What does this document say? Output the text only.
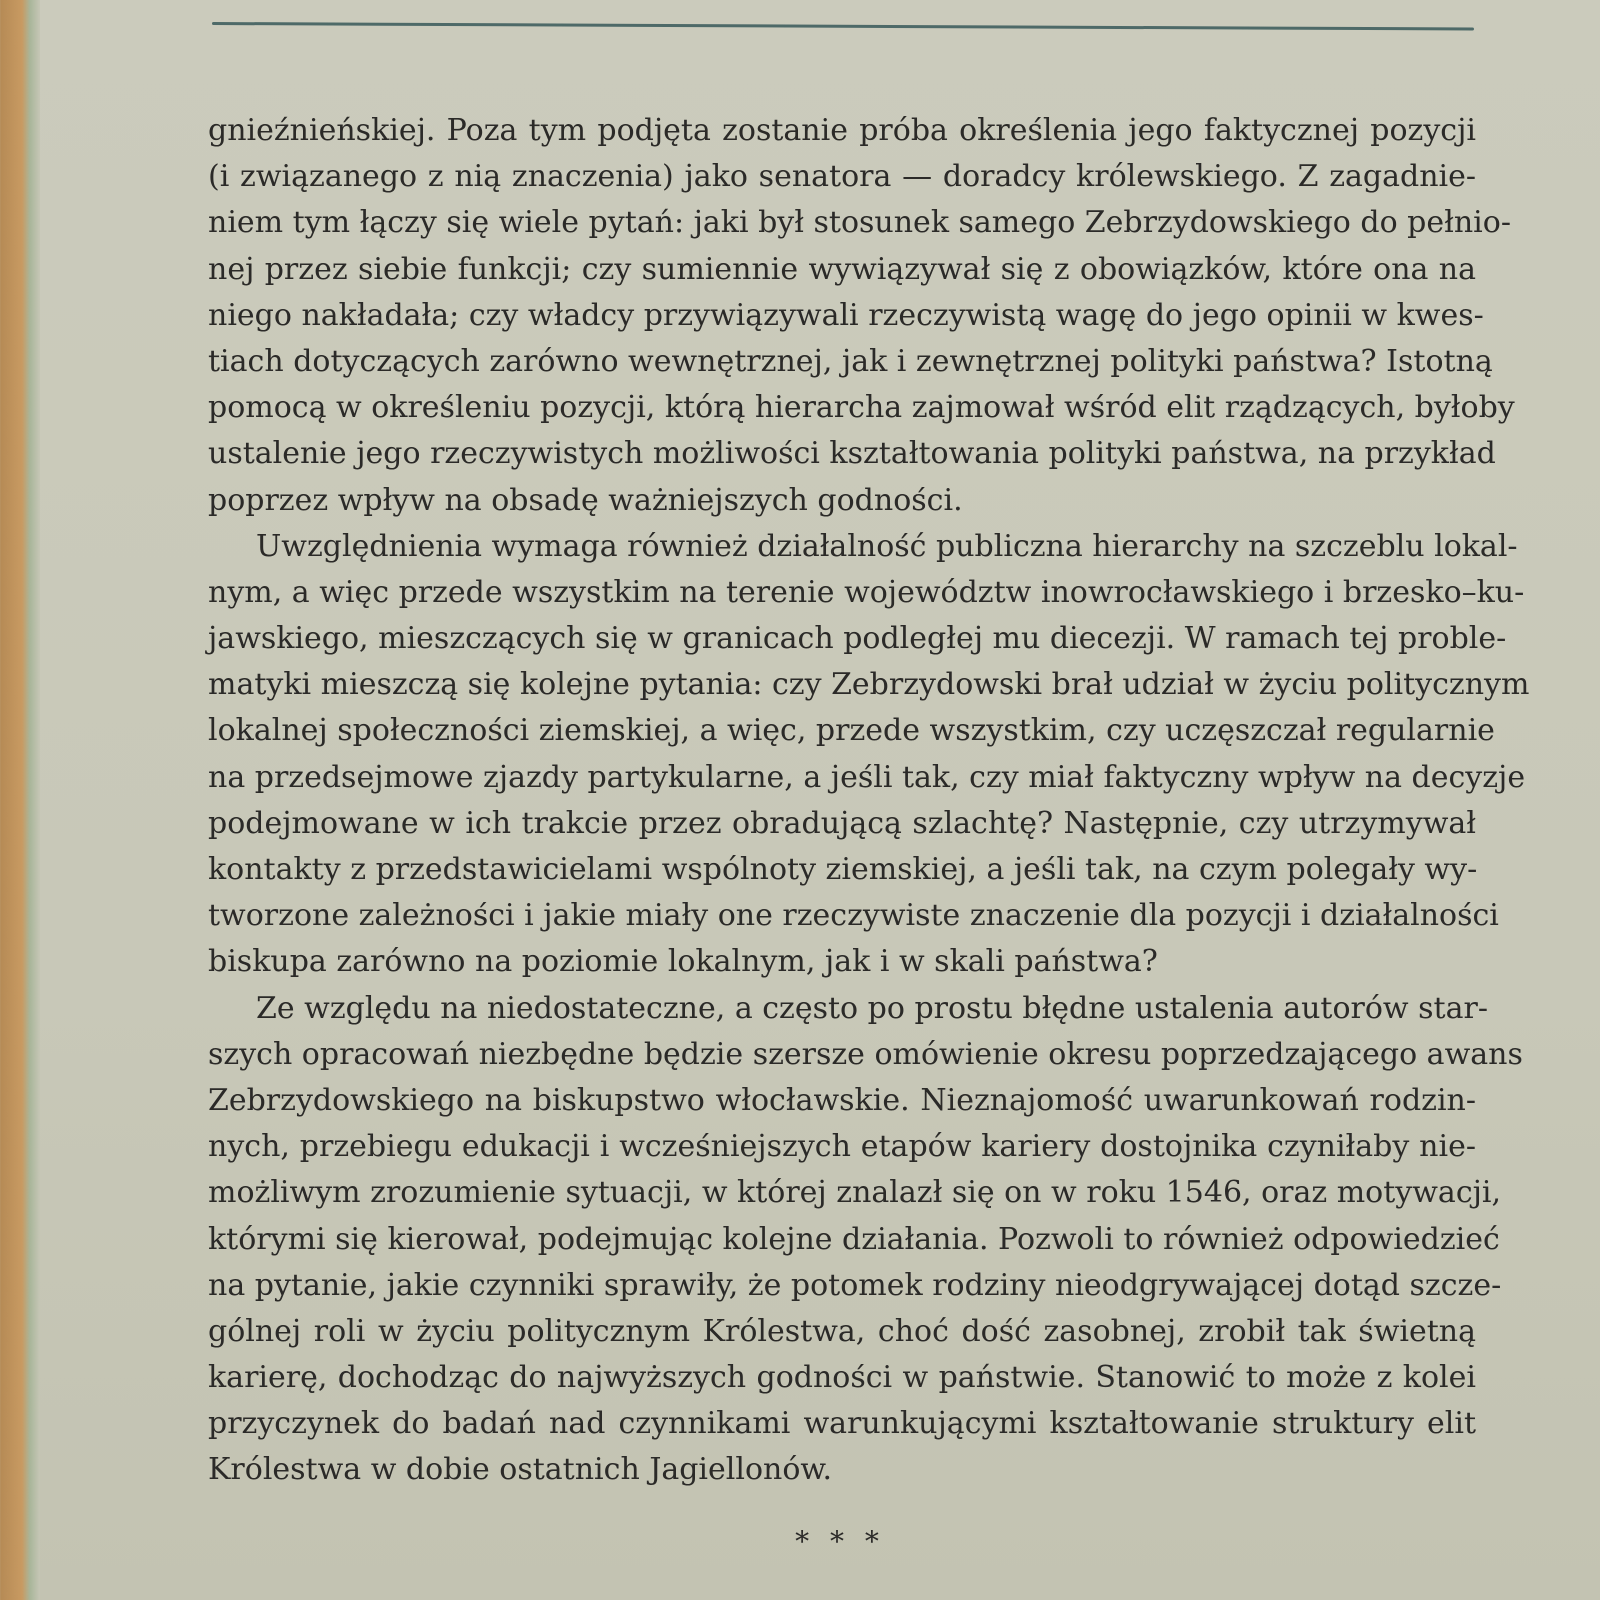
gnieźnieńskiej. Poza tym podjęta zostanie próba określenia jego faktycznej pozycji
(i związanego z nią znaczenia) jako senatora — doradcy królewskiego. Z zagadnie-
niem tym łączy się wiele pytań: jaki był stosunek samego Zebrzydowskiego do pełnio-
nej przez siebie funkcji; czy sumiennie wywiązywał się z obowiązków, które ona na
niego nakładała; czy władcy przywiązywali rzeczywistą wagę do jego opinii w kwes-
tiach dotyczących zarówno wewnętrznej, jak i zewnętrznej polityki państwa? Istotną
pomocą w określeniu pozycji, którą hierarcha zajmował wśród elit rządzących, byłoby
ustalenie jego rzeczywistych możliwości kształtowania polityki państwa, na przykład
poprzez wpływ na obsadę ważniejszych godności.
Uwzględnienia wymaga również działalność publiczna hierarchy na szczeblu lokal-
nym, a więc przede wszystkim na terenie województw inowrocławskiego i brzesko–ku-
jawskiego, mieszczących się w granicach podległej mu diecezji. W ramach tej proble-
matyki mieszczą się kolejne pytania: czy Zebrzydowski brał udział w życiu politycznym
lokalnej społeczności ziemskiej, a więc, przede wszystkim, czy uczęszczał regularnie
na przedsejmowe zjazdy partykularne, a jeśli tak, czy miał faktyczny wpływ na decyzje
podejmowane w ich trakcie przez obradującą szlachtę? Następnie, czy utrzymywał
kontakty z przedstawicielami wspólnoty ziemskiej, a jeśli tak, na czym polegały wy-
tworzone zależności i jakie miały one rzeczywiste znaczenie dla pozycji i działalności
biskupa zarówno na poziomie lokalnym, jak i w skali państwa?
Ze względu na niedostateczne, a często po prostu błędne ustalenia autorów star-
szych opracowań niezbędne będzie szersze omówienie okresu poprzedzającego awans
Zebrzydowskiego na biskupstwo włocławskie. Nieznajomość uwarunkowań rodzin-
nych, przebiegu edukacji i wcześniejszych etapów kariery dostojnika czyniłaby nie-
możliwym zrozumienie sytuacji, w której znalazł się on w roku 1546, oraz motywacji,
którymi się kierował, podejmując kolejne działania. Pozwoli to również odpowiedzieć
na pytanie, jakie czynniki sprawiły, że potomek rodziny nieodgrywającej dotąd szcze-
gólnej roli w życiu politycznym Królestwa, choć dość zasobnej, zrobił tak świetną
karierę, dochodząc do najwyższych godności w państwie. Stanowić to może z kolei
przyczynek do badań nad czynnikami warunkującymi kształtowanie struktury elit
Królestwa w dobie ostatnich Jagiellonów.
* * *
